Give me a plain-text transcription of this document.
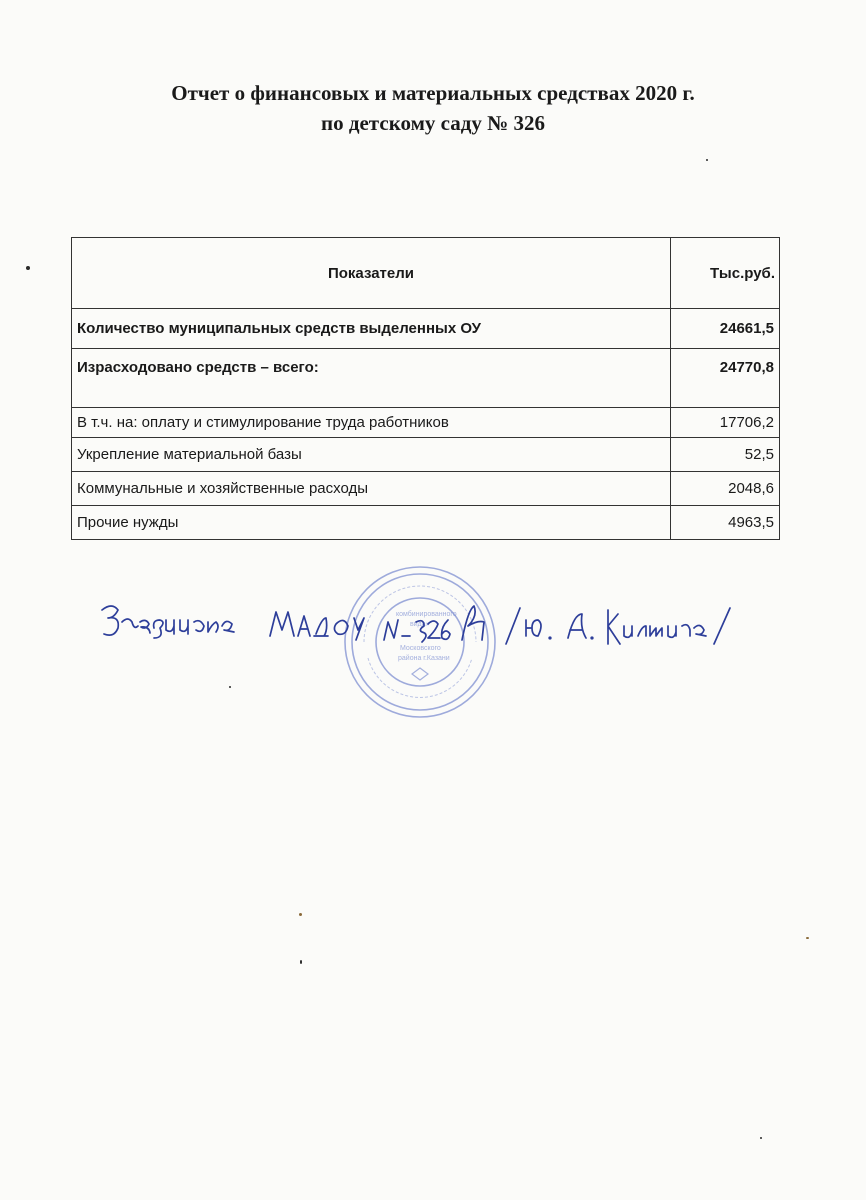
Отчет о финансовых и материальных средствах 2020 г.
по детскому саду № 326
Показатели	Тыс.руб.
Количество муниципальных средств выделенных ОУ	24661,5
Израсходовано средств – всего:	24770,8
В т.ч. на: оплату и стимулирование труда работников	17706,2
Укрепление материальной базы	52,5
Коммунальные и хозяйственные расходы	2048,6
Прочие нужды	4963,5
комбинированного
вида»
Московского
района г.Казани
